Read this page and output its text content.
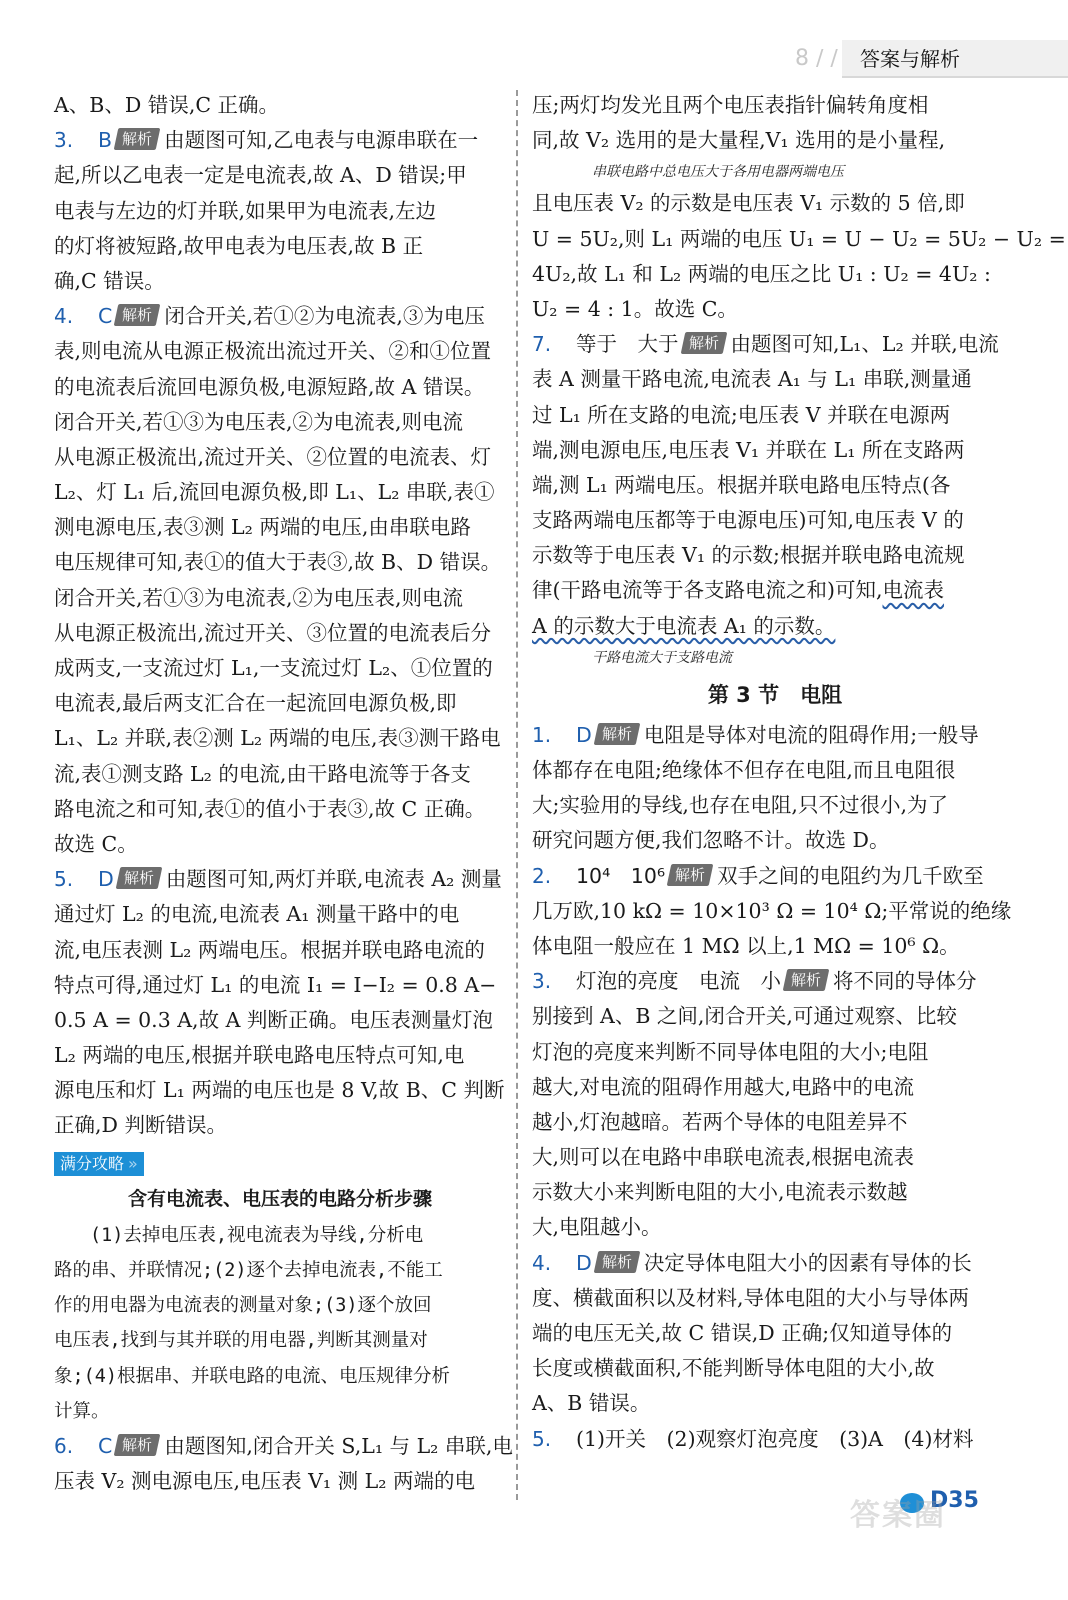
8 ∕ ∕	答案与解析
A、B、D 错误,C 正确。
3. B 解析 由题图可知,乙电表与电源串联在一
起,所以乙电表一定是电流表,故 A、D 错误;甲
电表与左边的灯并联,如果甲为电流表,左边
的灯将被短路,故甲电表为电压表,故 B 正
确,C 错误。
4. C 解析 闭合开关,若①②为电流表,③为电压
表,则电流从电源正极流出流过开关、②和①位置
的电流表后流回电源负极,电源短路,故 A 错误。
闭合开关,若①③为电压表,②为电流表,则电流
从电源正极流出,流过开关、②位置的电流表、灯
L₂、灯 L₁ 后,流回电源负极,即 L₁、L₂ 串联,表①
测电源电压,表③测 L₂ 两端的电压,由串联电路
电压规律可知,表①的值大于表③,故 B、D 错误。
闭合开关,若①③为电流表,②为电压表,则电流
从电源正极流出,流过开关、③位置的电流表后分
成两支,一支流过灯 L₁,一支流过灯 L₂、①位置的
电流表,最后两支汇合在一起流回电源负极,即
L₁、L₂ 并联,表②测 L₂ 两端的电压,表③测干路电
流,表①测支路 L₂ 的电流,由干路电流等于各支
路电流之和可知,表①的值小于表③,故 C 正确。
故选 C。
5. D 解析 由题图可知,两灯并联,电流表 A₂ 测量
通过灯 L₂ 的电流,电流表 A₁ 测量干路中的电
流,电压表测 L₂ 两端电压。根据并联电路电流的
特点可得,通过灯 L₁ 的电流 I₁ = I−I₂ = 0.8 A−
0.5 A = 0.3 A,故 A 判断正确。电压表测量灯泡
L₂ 两端的电压,根据并联电路电压特点可知,电
源电压和灯 L₁ 两端的电压也是 8 V,故 B、C 判断
正确,D 判断错误。
满分攻略 »
含有电流表、电压表的电路分析步骤
(1)去掉电压表,视电流表为导线,分析电
路的串、并联情况;(2)逐个去掉电流表,不能工
作的用电器为电流表的测量对象;(3)逐个放回
电压表,找到与其并联的用电器,判断其测量对
象;(4)根据串、并联电路的电流、电压规律分析
计算。
6. C 解析 由题图知,闭合开关 S,L₁ 与 L₂ 串联,电
压表 V₂ 测电源电压,电压表 V₁ 测 L₂ 两端的电
压;两灯均发光且两个电压表指针偏转角度相
同,故 V₂ 选用的是大量程,V₁ 选用的是小量程,
串联电路中总电压大于各用电器两端电压
且电压表 V₂ 的示数是电压表 V₁ 示数的 5 倍,即
U = 5U₂,则 L₁ 两端的电压 U₁ = U − U₂ = 5U₂ − U₂ =
4U₂,故 L₁ 和 L₂ 两端的电压之比 U₁ : U₂ = 4U₂ :
U₂ = 4 : 1。故选 C。
7. 等于　大于 解析 由题图可知,L₁、L₂ 并联,电流
表 A 测量干路电流,电流表 A₁ 与 L₁ 串联,测量通
过 L₁ 所在支路的电流;电压表 V 并联在电源两
端,测电源电压,电压表 V₁ 并联在 L₁ 所在支路两
端,测 L₁ 两端电压。根据并联电路电压特点(各
支路两端电压都等于电源电压)可知,电压表 V 的
示数等于电压表 V₁ 的示数;根据并联电路电流规
律(干路电流等于各支路电流之和)可知,电流表
A 的示数大于电流表 A₁ 的示数。
干路电流大于支路电流
第 3 节　电阻
1. D 解析 电阻是导体对电流的阻碍作用;一般导
体都存在电阻;绝缘体不但存在电阻,而且电阻很
大;实验用的导线,也存在电阻,只不过很小,为了
研究问题方便,我们忽略不计。故选 D。
2. 10⁴　10⁶ 解析 双手之间的电阻约为几千欧至
几万欧,10 kΩ = 10×10³ Ω = 10⁴ Ω;平常说的绝缘
体电阻一般应在 1 MΩ 以上,1 MΩ = 10⁶ Ω。
3. 灯泡的亮度　电流　小 解析 将不同的导体分
别接到 A、B 之间,闭合开关,可通过观察、比较
灯泡的亮度来判断不同导体电阻的大小;电阻
越大,对电流的阻碍作用越大,电路中的电流
越小,灯泡越暗。若两个导体的电阻差异不
大,则可以在电路中串联电流表,根据电流表
示数大小来判断电阻的大小,电流表示数越
大,电阻越小。
4. D 解析 决定导体电阻大小的因素有导体的长
度、横截面积以及材料,导体电阻的大小与导体两
端的电压无关,故 C 错误,D 正确;仅知道导体的
长度或横截面积,不能判断导体电阻的大小,故
A、B 错误。
5. (1)开关　(2)观察灯泡亮度　(3)A　(4)材料
D35
答案圈
